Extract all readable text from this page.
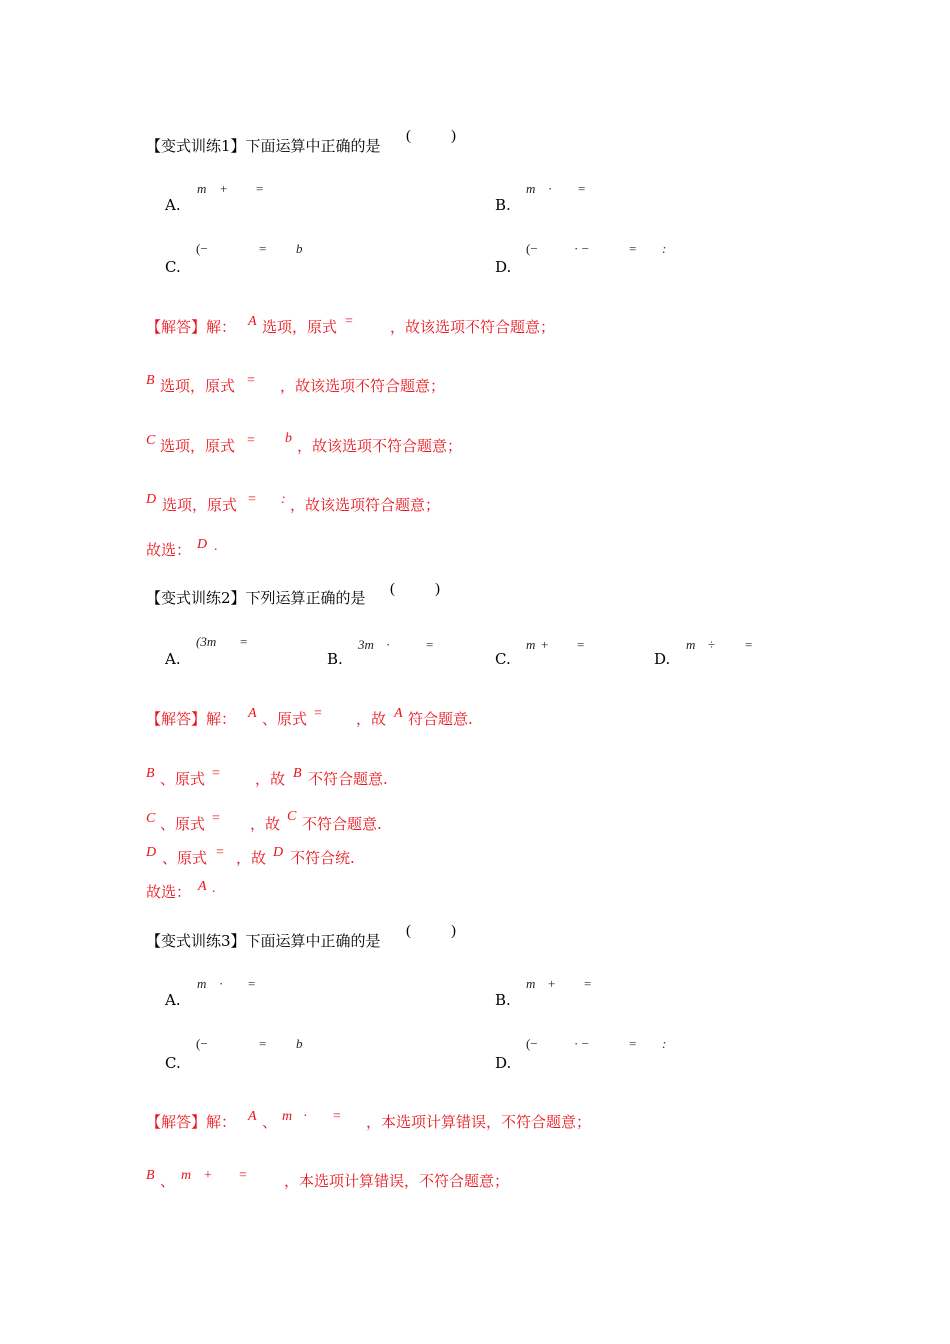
【变式训练1】下面运算中正确的是
(	)
A.
m + =
B.
m · =
C.
(−	= b
D.
(−	· −	= :
【解答】解： A 选项，原式 = ，故该选项不符合题意；
B 选项，原式 = ，故该选项不符合题意；
C 选项，原式 = b ，故该选项不符合题意；
D 选项，原式 = : ，故该选项符合题意；
故选： D .
【变式训练2】下列运算正确的是 (	)
A.
(3m =
B.
3m ·	=
C.
m + =
D.
m ÷ =
【解答】解： A 、原式 = ，故 A 符合题意.
B 、原式 = ，故 B 不符合题意.
C 、原式 = ，故 C 不符合题意.
D 、原式 = ，故 D 不符合统.
故选： A .
【变式训练3】下面运算中正确的是
(	)
A.
m · =
B.
m + =
C.
(−	= b
D.
(−	· −	= :
【解答】解： A 、 m · = ，本选项计算错误，不符合题意；
B 、 m + = ，本选项计算错误，不符合题意；
